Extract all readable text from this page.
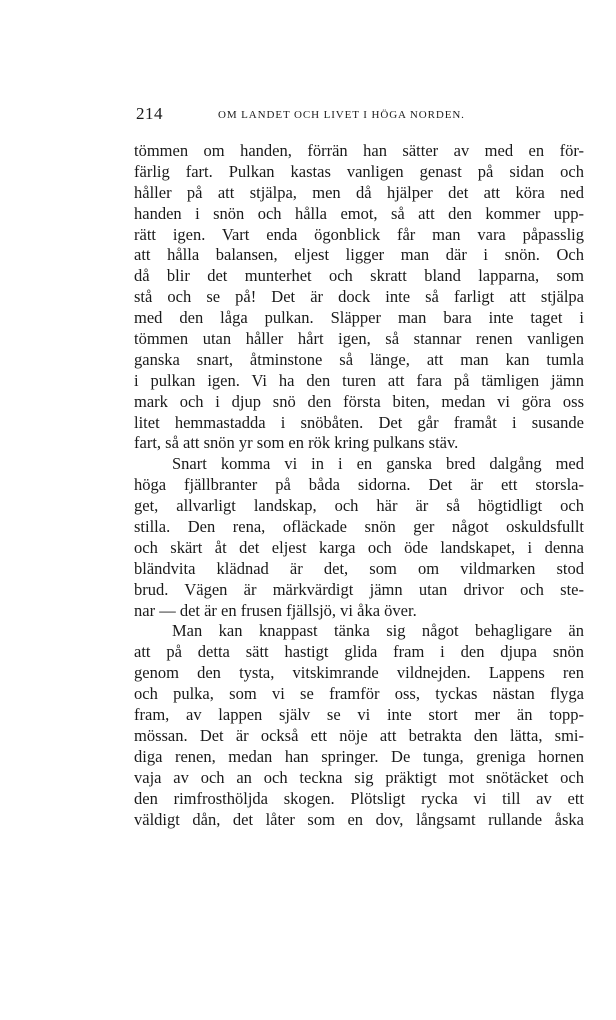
214	OM LANDET OCH LIVET I HÖGA NORDEN.
tömmen om handen, förrän han sätter av med en för-
färlig fart. Pulkan kastas vanligen genast på sidan och
håller på att stjälpa, men då hjälper det att köra ned
handen i snön och hålla emot, så att den kommer upp-
rätt igen. Vart enda ögonblick får man vara påpasslig
att hålla balansen, eljest ligger man där i snön. Och
då blir det munterhet och skratt bland lapparna, som
stå och se på! Det är dock inte så farligt att stjälpa
med den låga pulkan. Släpper man bara inte taget i
tömmen utan håller hårt igen, så stannar renen vanligen
ganska snart, åtminstone så länge, att man kan tumla
i pulkan igen. Vi ha den turen att fara på tämligen jämn
mark och i djup snö den första biten, medan vi göra oss
litet hemmastadda i snöbåten. Det går framåt i susande
fart, så att snön yr som en rök kring pulkans stäv.
Snart komma vi in i en ganska bred dalgång med
höga fjällbranter på båda sidorna. Det är ett storsla-
get, allvarligt landskap, och här är så högtidligt och
stilla. Den rena, ofläckade snön ger något oskuldsfullt
och skärt åt det eljest karga och öde landskapet, i denna
bländvita klädnad är det, som om vildmarken stod
brud. Vägen är märkvärdigt jämn utan drivor och ste-
nar — det är en frusen fjällsjö, vi åka över.
Man kan knappast tänka sig något behagligare än
att på detta sätt hastigt glida fram i den djupa snön
genom den tysta, vitskimrande vildnejden. Lappens ren
och pulka, som vi se framför oss, tyckas nästan flyga
fram, av lappen själv se vi inte stort mer än topp-
mössan. Det är också ett nöje att betrakta den lätta, smi-
diga renen, medan han springer. De tunga, greniga hornen
vaja av och an och teckna sig präktigt mot snötäcket och
den rimfrosthöljda skogen. Plötsligt rycka vi till av ett
väldigt dån, det låter som en dov, långsamt rullande åska
